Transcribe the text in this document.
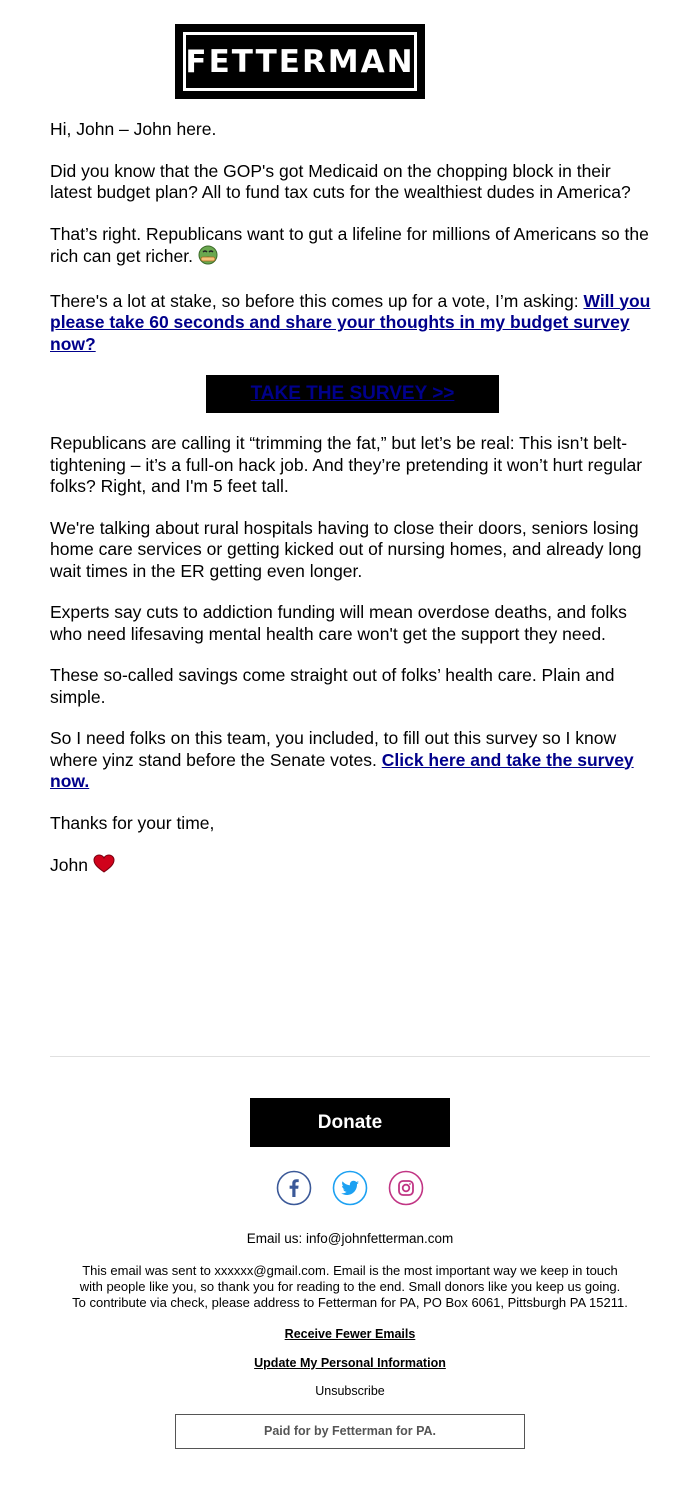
FETTERMAN

Hi, John – John here.

Did you know that the GOP's got Medicaid on the chopping block in their latest budget plan? All to fund tax cuts for the wealthiest dudes in America?

That’s right. Republicans want to gut a lifeline for millions of Americans so the rich can get richer.

There's a lot at stake, so before this comes up for a vote, I’m asking: Will you please take 60 seconds and share your thoughts in my budget survey now?

TAKE THE SURVEY >>

Republicans are calling it “trimming the fat,” but let’s be real: This isn’t belt-tightening – it’s a full-on hack job. And they’re pretending it won’t hurt regular folks? Right, and I'm 5 feet tall.

We're talking about rural hospitals having to close their doors, seniors losing home care services or getting kicked out of nursing homes, and already long wait times in the ER getting even longer.

Experts say cuts to addiction funding will mean overdose deaths, and folks who need lifesaving mental health care won't get the support they need.

These so-called savings come straight out of folks’ health care. Plain and simple.

So I need folks on this team, you included, to fill out this survey so I know where yinz stand before the Senate votes. Click here and take the survey now.

Thanks for your time,

John

Donate
Email us: info@johnfetterman.com
This email was sent to xxxxxx@gmail.com. Email is the most important way we keep in touch
with people like you, so thank you for reading to the end. Small donors like you keep us going.
To contribute via check, please address to Fetterman for PA, PO Box 6061, Pittsburgh PA 15211.
Receive Fewer Emails
Update My Personal Information
Unsubscribe
Paid for by Fetterman for PA.
